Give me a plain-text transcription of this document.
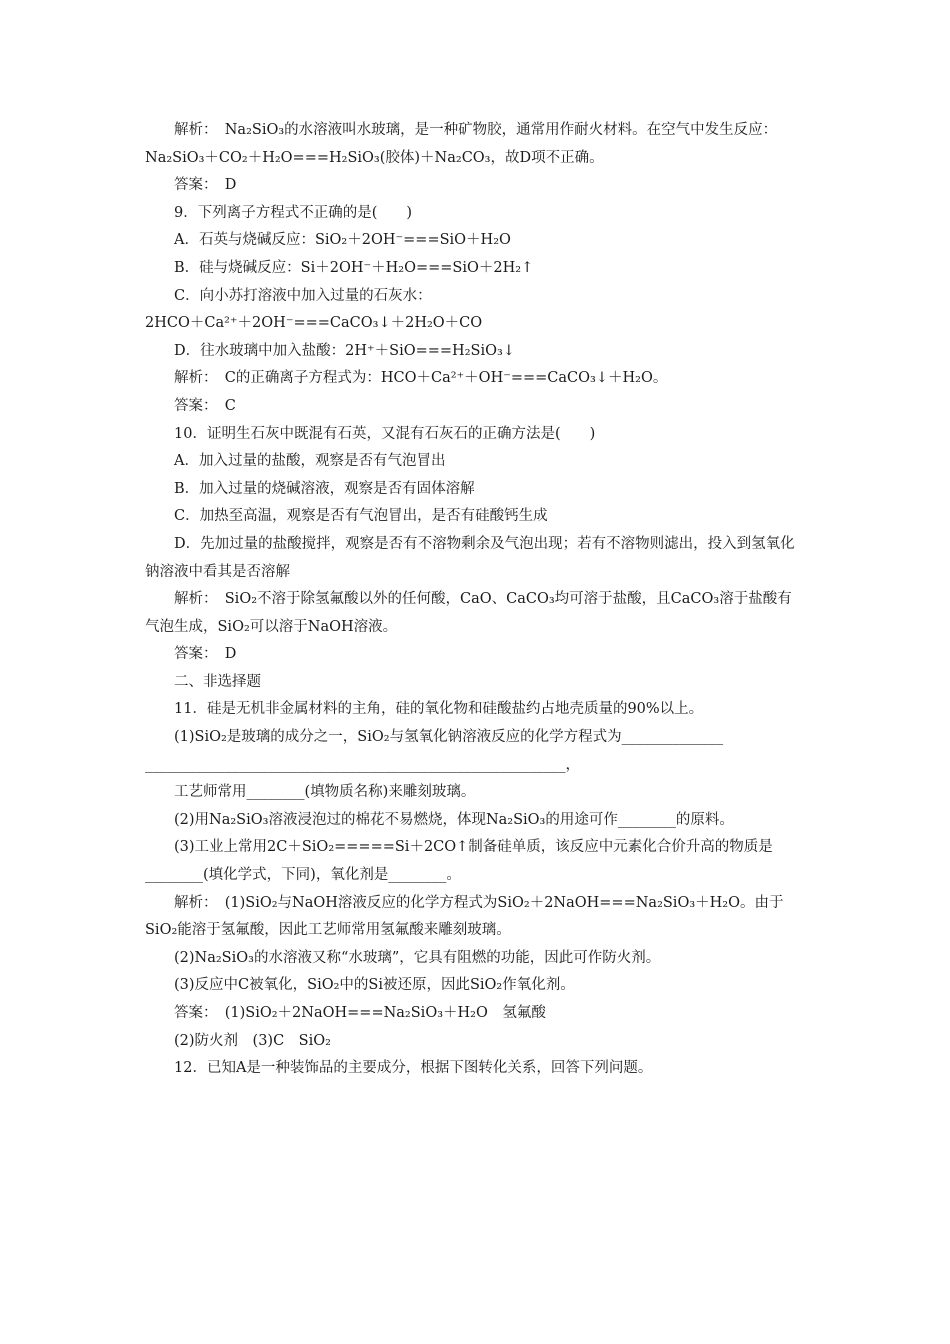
解析：　Na₂SiO₃的水溶液叫水玻璃，是一种矿物胶，通常用作耐火材料。在空气中发生反应：Na₂SiO₃＋CO₂＋H₂O===H₂SiO₃(胶体)＋Na₂CO₃，故D项不正确。

答案：　D

9．下列离子方程式不正确的是(　　)

A．石英与烧碱反应：SiO₂＋2OH⁻===SiO＋H₂O

B．硅与烧碱反应：Si＋2OH⁻＋H₂O===SiO＋2H₂↑

C．向小苏打溶液中加入过量的石灰水：

2HCO＋Ca²⁺＋2OH⁻===CaCO₃↓＋2H₂O＋CO

D．往水玻璃中加入盐酸：2H⁺＋SiO===H₂SiO₃↓

解析：　C的正确离子方程式为：HCO＋Ca²⁺＋OH⁻===CaCO₃↓＋H₂O。

答案：　C

10．证明生石灰中既混有石英，又混有石灰石的正确方法是(　　)

A．加入过量的盐酸，观察是否有气泡冒出

B．加入过量的烧碱溶液，观察是否有固体溶解

C．加热至高温，观察是否有气泡冒出，是否有硅酸钙生成

D．先加过量的盐酸搅拌，观察是否有不溶物剩余及气泡出现；若有不溶物则滤出，投入到氢氧化钠溶液中看其是否溶解

解析：　SiO₂不溶于除氢氟酸以外的任何酸，CaO、CaCO₃均可溶于盐酸，且CaCO₃溶于盐酸有气泡生成，SiO₂可以溶于NaOH溶液。

答案：　D

二、非选择题

11．硅是无机非金属材料的主角，硅的氧化物和硅酸盐约占地壳质量的90%以上。

(1)SiO₂是玻璃的成分之一，SiO₂与氢氧化钠溶液反应的化学方程式为______________

__________________________________________________________，

工艺师常用________(填物质名称)来雕刻玻璃。

(2)用Na₂SiO₃溶液浸泡过的棉花不易燃烧，体现Na₂SiO₃的用途可作________的原料。

(3)工业上常用2C＋SiO₂=====Si＋2CO↑制备硅单质，该反应中元素化合价升高的物质是________(填化学式，下同)，氧化剂是________。

解析：　(1)SiO₂与NaOH溶液反应的化学方程式为SiO₂＋2NaOH===Na₂SiO₃＋H₂O。由于SiO₂能溶于氢氟酸，因此工艺师常用氢氟酸来雕刻玻璃。

(2)Na₂SiO₃的水溶液又称“水玻璃”，它具有阻燃的功能，因此可作防火剂。

(3)反应中C被氧化，SiO₂中的Si被还原，因此SiO₂作氧化剂。

答案：　(1)SiO₂＋2NaOH===Na₂SiO₃＋H₂O　氢氟酸

(2)防火剂　(3)C　SiO₂

12．已知A是一种装饰品的主要成分，根据下图转化关系，回答下列问题。
